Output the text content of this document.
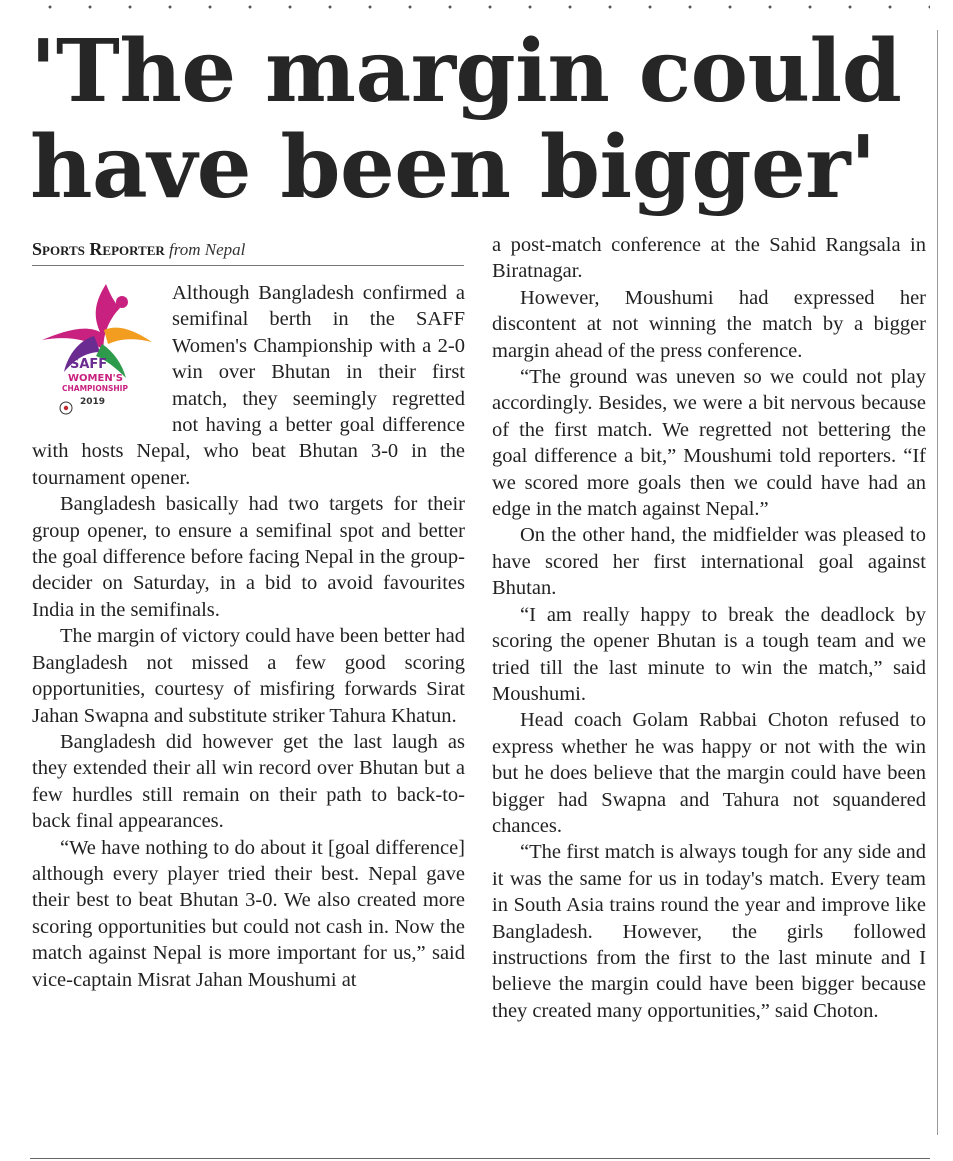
'The margin could have been bigger'
Sports Reporter from Nepal
SAFF
WOMEN'S
CHAMPIONSHIP
2019

Although Bangladesh confirmed a semifinal berth in the SAFF Women's Championship with a 2-0 win over Bhutan in their first match, they seemingly regretted not having a better goal difference with hosts Nepal, who beat Bhutan 3-0 in the tournament opener.

Bangladesh basically had two targets for their group opener, to ensure a semifinal spot and better the goal difference before facing Nepal in the group-decider on Saturday, in a bid to avoid favourites India in the semifinals.

The margin of victory could have been better had Bangladesh not missed a few good scoring opportunities, courtesy of misfiring forwards Sirat Jahan Swapna and substitute striker Tahura Khatun.

Bangladesh did however get the last laugh as they extended their all win record over Bhutan but a few hurdles still remain on their path to back-to-back final appearances.

“We have nothing to do about it [goal difference] although every player tried their best. Nepal gave their best to beat Bhutan 3-0. We also created more scoring opportunities but could not cash in. Now the match against Nepal is more important for us,” said vice-captain Misrat Jahan Moushumi at

a post-match conference at the Sahid Rangsala in Biratnagar.

However, Moushumi had expressed her discontent at not winning the match by a bigger margin ahead of the press conference.

“The ground was uneven so we could not play accordingly. Besides, we were a bit nervous because of the first match. We regretted not bettering the goal difference a bit,” Moushumi told reporters. “If we scored more goals then we could have had an edge in the match against Nepal.”

On the other hand, the midfielder was pleased to have scored her first international goal against Bhutan.

“I am really happy to break the deadlock by scoring the opener Bhutan is a tough team and we tried till the last minute to win the match,” said Moushumi.

Head coach Golam Rabbai Choton refused to express whether he was happy or not with the win but he does believe that the margin could have been bigger had Swapna and Tahura not squandered chances.

“The first match is always tough for any side and it was the same for us in today's match. Every team in South Asia trains round the year and improve like Bangladesh. However, the girls followed instructions from the first to the last minute and I believe the margin could have been bigger because they created many opportunities,” said Choton.
